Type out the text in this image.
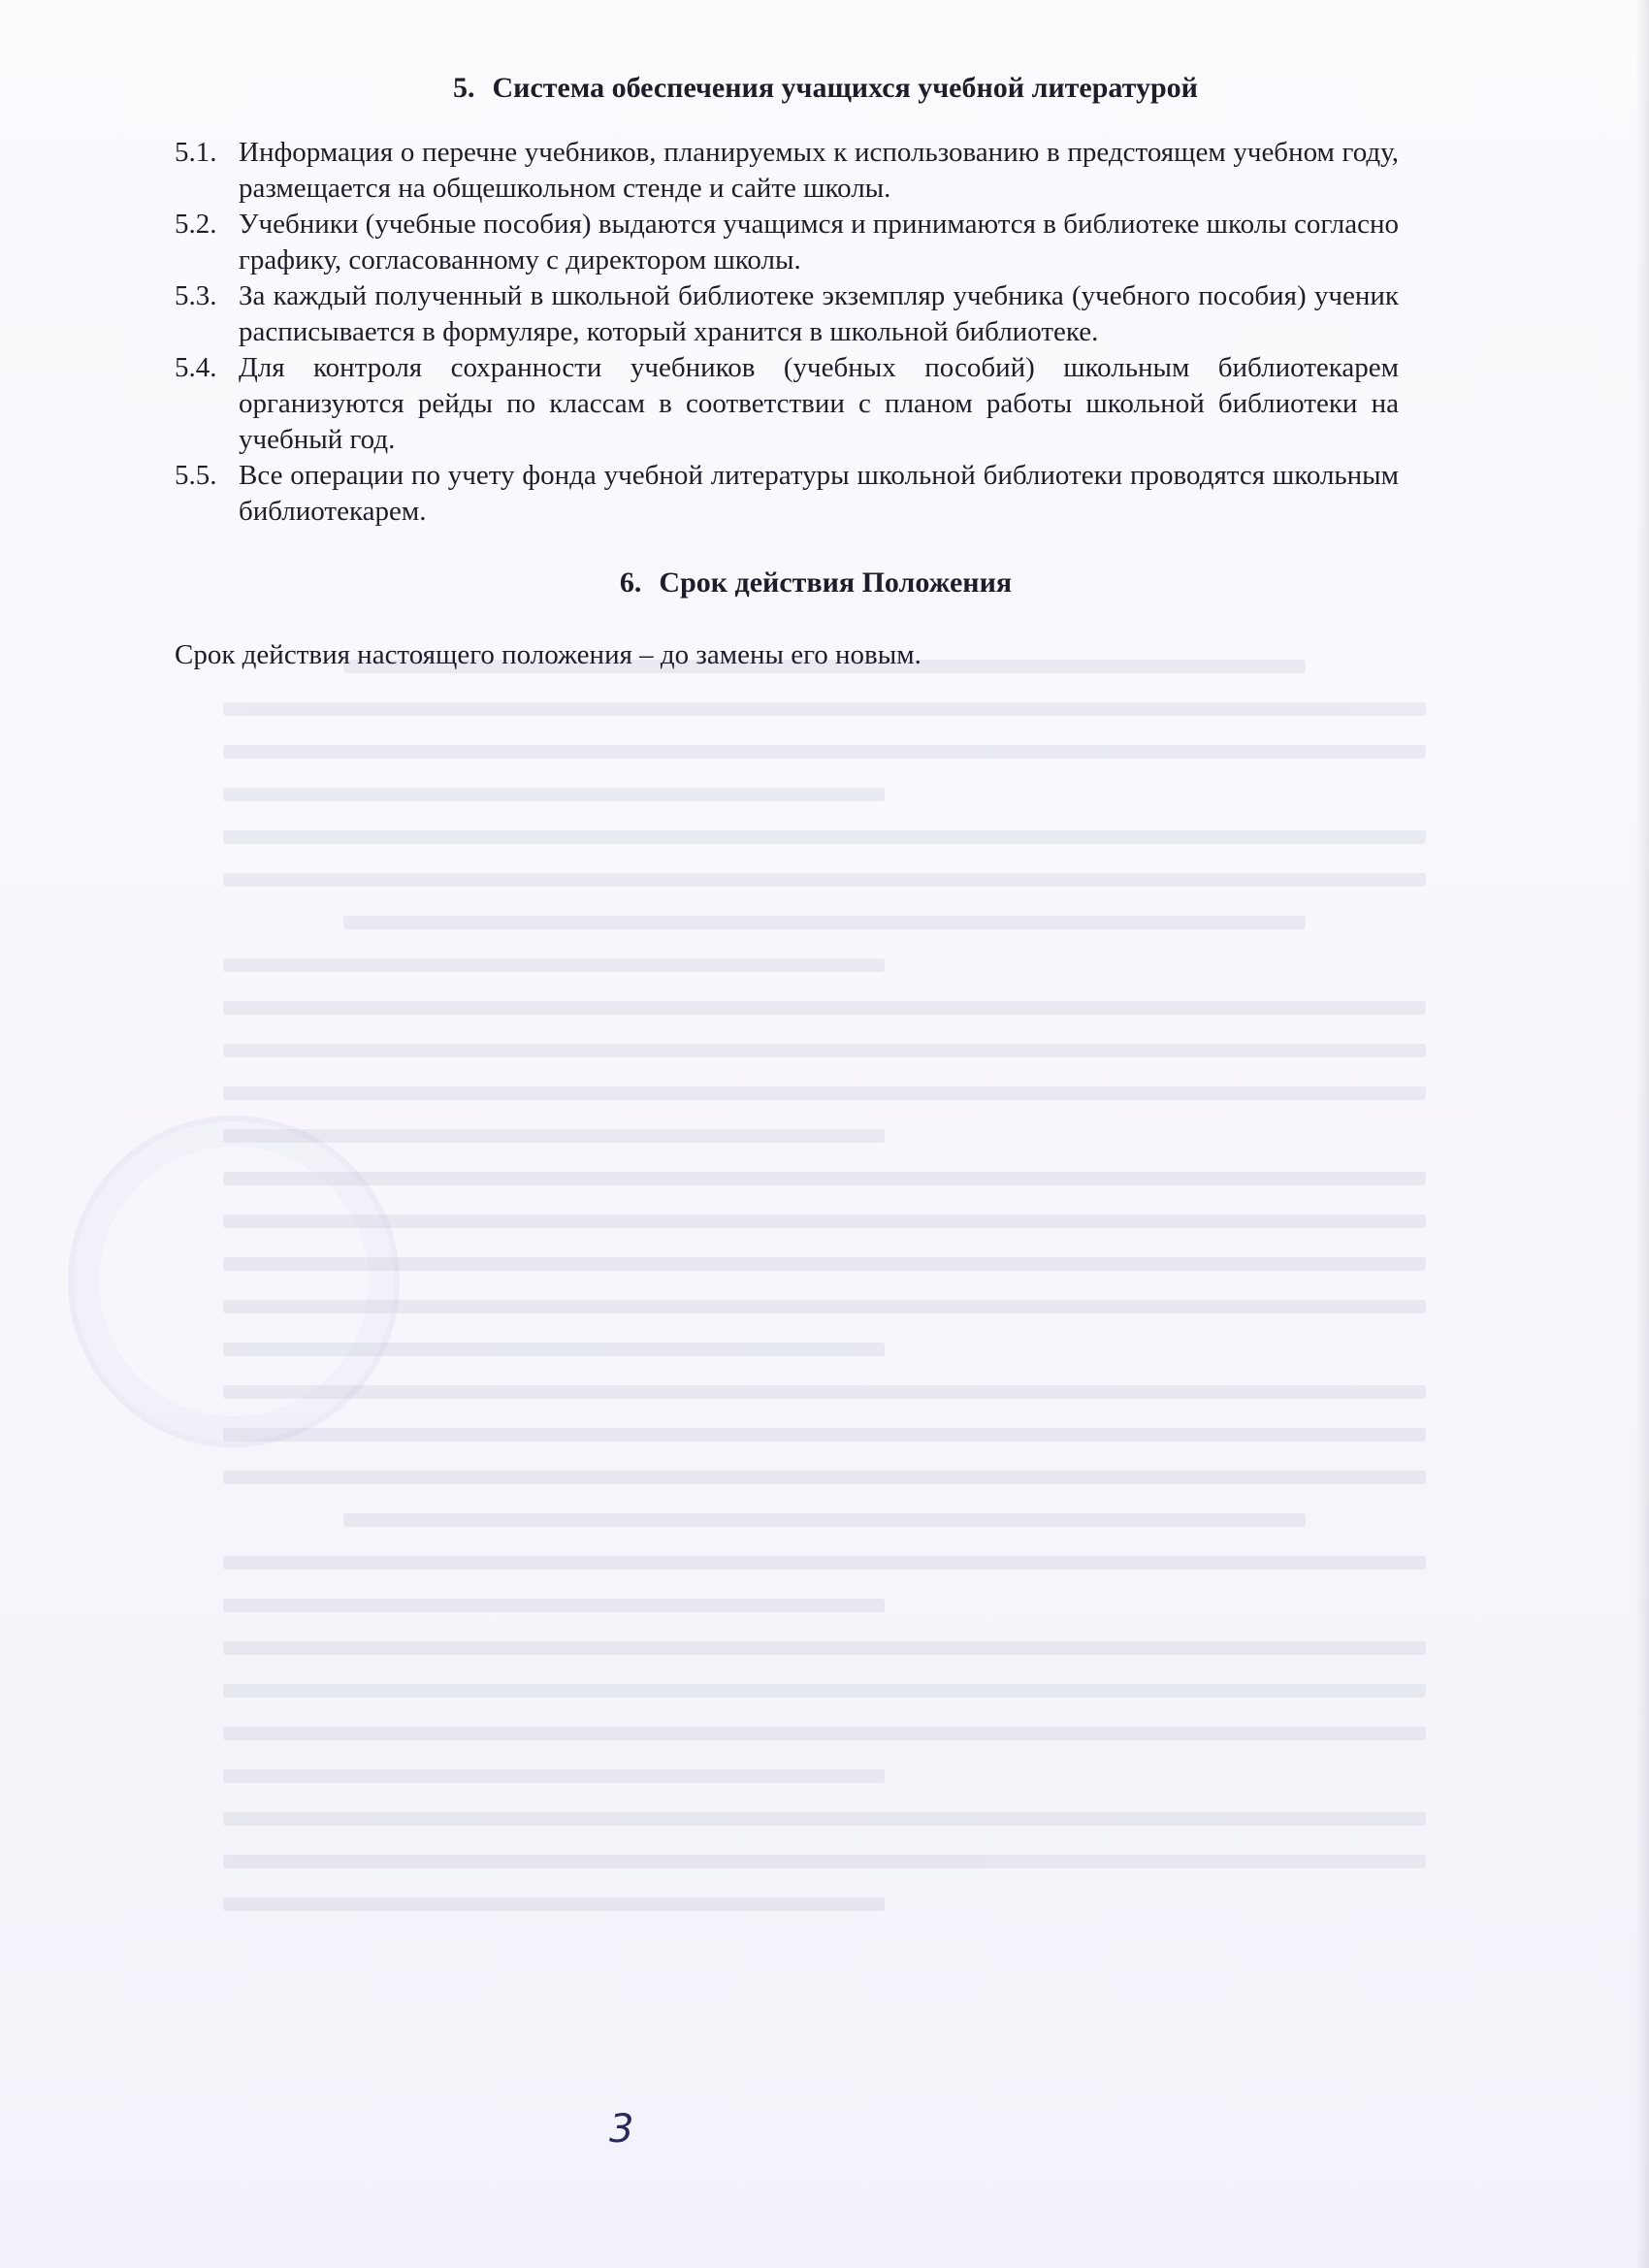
5. Система обеспечения учащихся учебной литературой
5.1. Информация о перечне учебников, планируемых к использованию в предстоящем учебном году, размещается на общешкольном стенде и сайте школы.
5.2. Учебники (учебные пособия) выдаются учащимся и принимаются в библиотеке школы согласно графику, согласованному с директором школы.
5.3. За каждый полученный в школьной библиотеке экземпляр учебника (учебного пособия) ученик расписывается в формуляре, который хранится в школьной библиотеке.
5.4. Для контроля сохранности учебников (учебных пособий) школьным библиотекарем организуются рейды по классам в соответствии с планом работы школьной библиотеки на учебный год.
5.5. Все операции по учету фонда учебной литературы школьной библиотеки проводятся школьным библиотекарем.
6. Срок действия Положения

Срок действия настоящего положения – до замены его новым.

3
